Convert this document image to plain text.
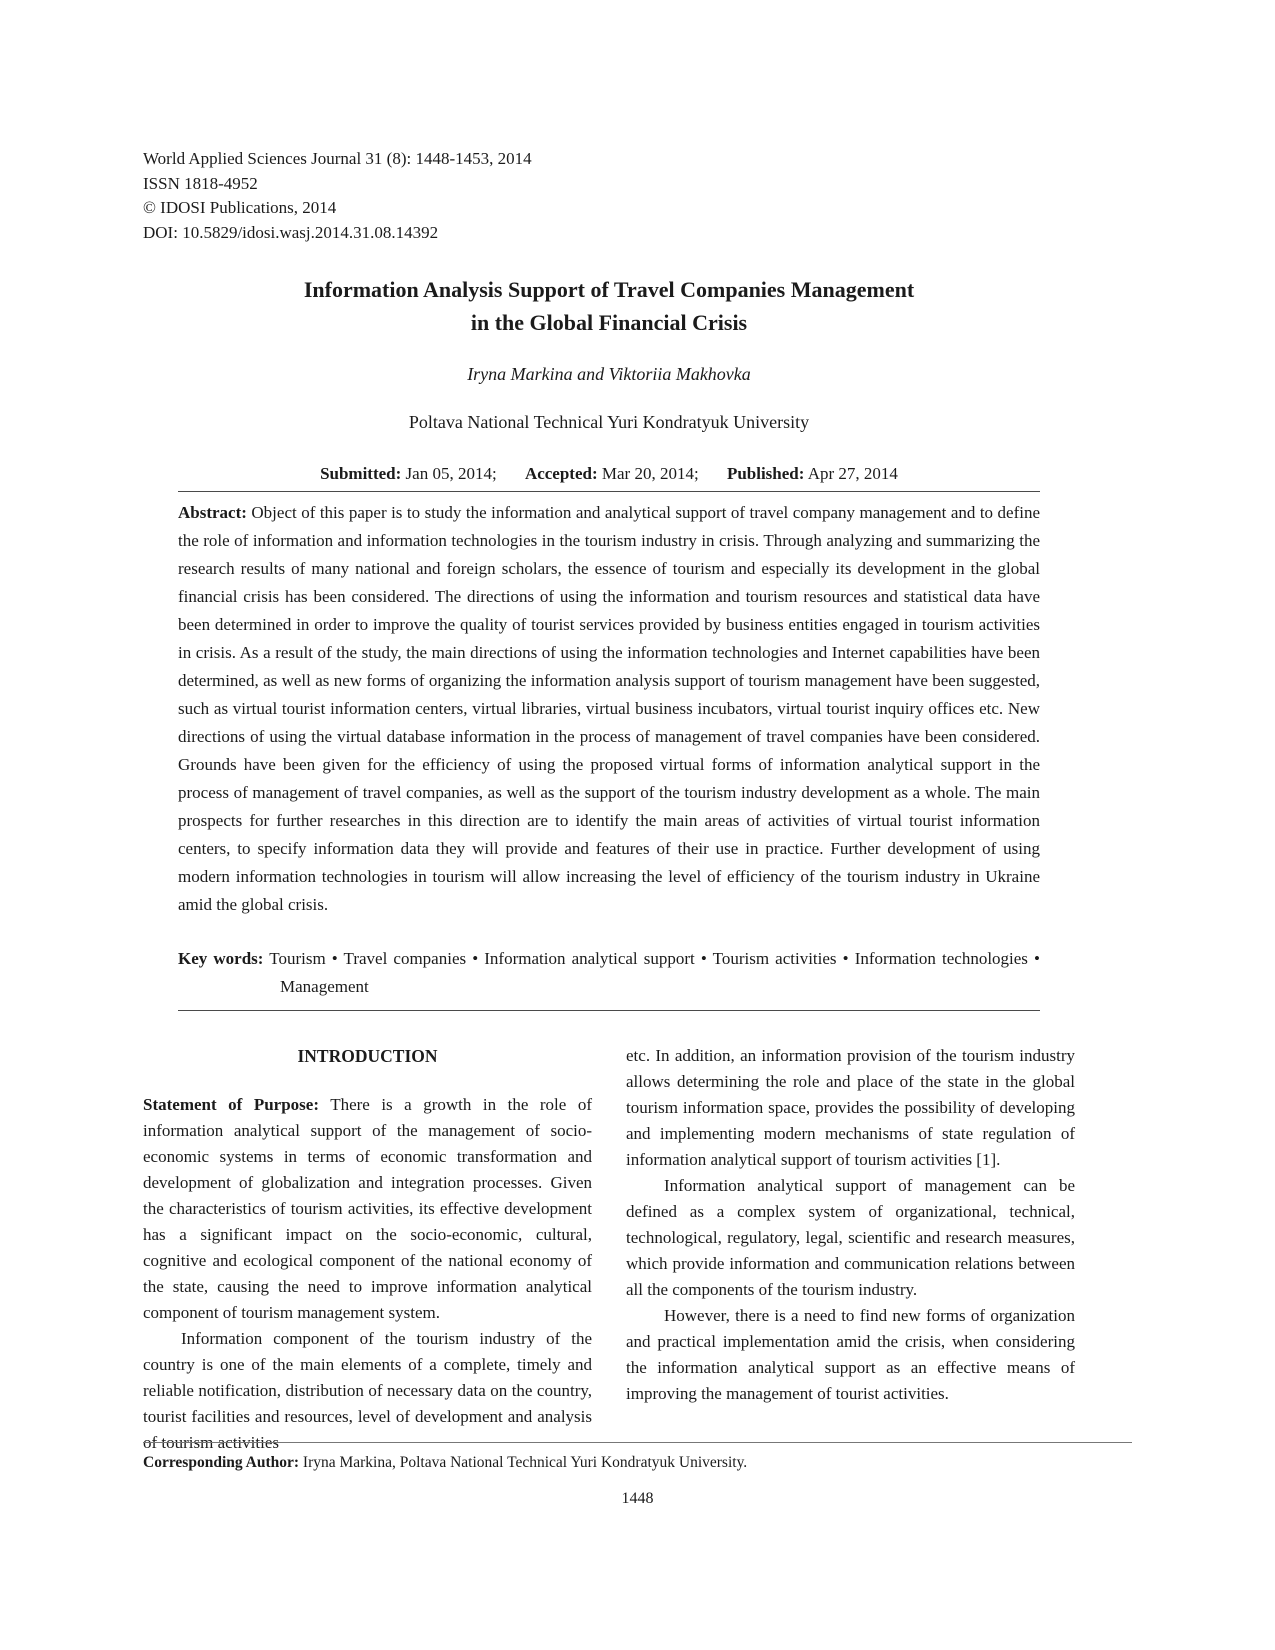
World Applied Sciences Journal 31 (8): 1448-1453, 2014
ISSN 1818-4952
© IDOSI Publications, 2014
DOI: 10.5829/idosi.wasj.2014.31.08.14392
Information Analysis Support of Travel Companies Management
in the Global Financial Crisis
Iryna Markina and Viktoriia Makhovka
Poltava National Technical Yuri Kondratyuk University
Submitted: Jan 05, 2014; Accepted: Mar 20, 2014; Published: Apr 27, 2014

Abstract: Object of this paper is to study the information and analytical support of travel company management and to define the role of information and information technologies in the tourism industry in crisis. Through analyzing and summarizing the research results of many national and foreign scholars, the essence of tourism and especially its development in the global financial crisis has been considered. The directions of using the information and tourism resources and statistical data have been determined in order to improve the quality of tourist services provided by business entities engaged in tourism activities in crisis. As a result of the study, the main directions of using the information technologies and Internet capabilities have been determined, as well as new forms of organizing the information analysis support of tourism management have been suggested, such as virtual tourist information centers, virtual libraries, virtual business incubators, virtual tourist inquiry offices etc. New directions of using the virtual database information in the process of management of travel companies have been considered. Grounds have been given for the efficiency of using the proposed virtual forms of information analytical support in the process of management of travel companies, as well as the support of the tourism industry development as a whole. The main prospects for further researches in this direction are to identify the main areas of activities of virtual tourist information centers, to specify information data they will provide and features of their use in practice. Further development of using modern information technologies in tourism will allow increasing the level of efficiency of the tourism industry in Ukraine amid the global crisis.

Key words: Tourism • Travel companies • Information analytical support • Tourism activities • Information technologies • Management
INTRODUCTION

Statement of Purpose: There is a growth in the role of information analytical support of the management of socio-economic systems in terms of economic transformation and development of globalization and integration processes. Given the characteristics of tourism activities, its effective development has a significant impact on the socio-economic, cultural, cognitive and ecological component of the national economy of the state, causing the need to improve information analytical component of tourism management system.

Information component of the tourism industry of the country is one of the main elements of a complete, timely and reliable notification, distribution of necessary data on the country, tourist facilities and resources, level of development and analysis of tourism activities

etc. In addition, an information provision of the tourism industry allows determining the role and place of the state in the global tourism information space, provides the possibility of developing and implementing modern mechanisms of state regulation of information analytical support of tourism activities [1].

Information analytical support of management can be defined as a complex system of organizational, technical, technological, regulatory, legal, scientific and research measures, which provide information and communication relations between all the components of the tourism industry.

However, there is a need to find new forms of organization and practical implementation amid the crisis, when considering the information analytical support as an effective means of improving the management of tourist activities.

Corresponding Author: Iryna Markina, Poltava National Technical Yuri Kondratyuk University.
1448
